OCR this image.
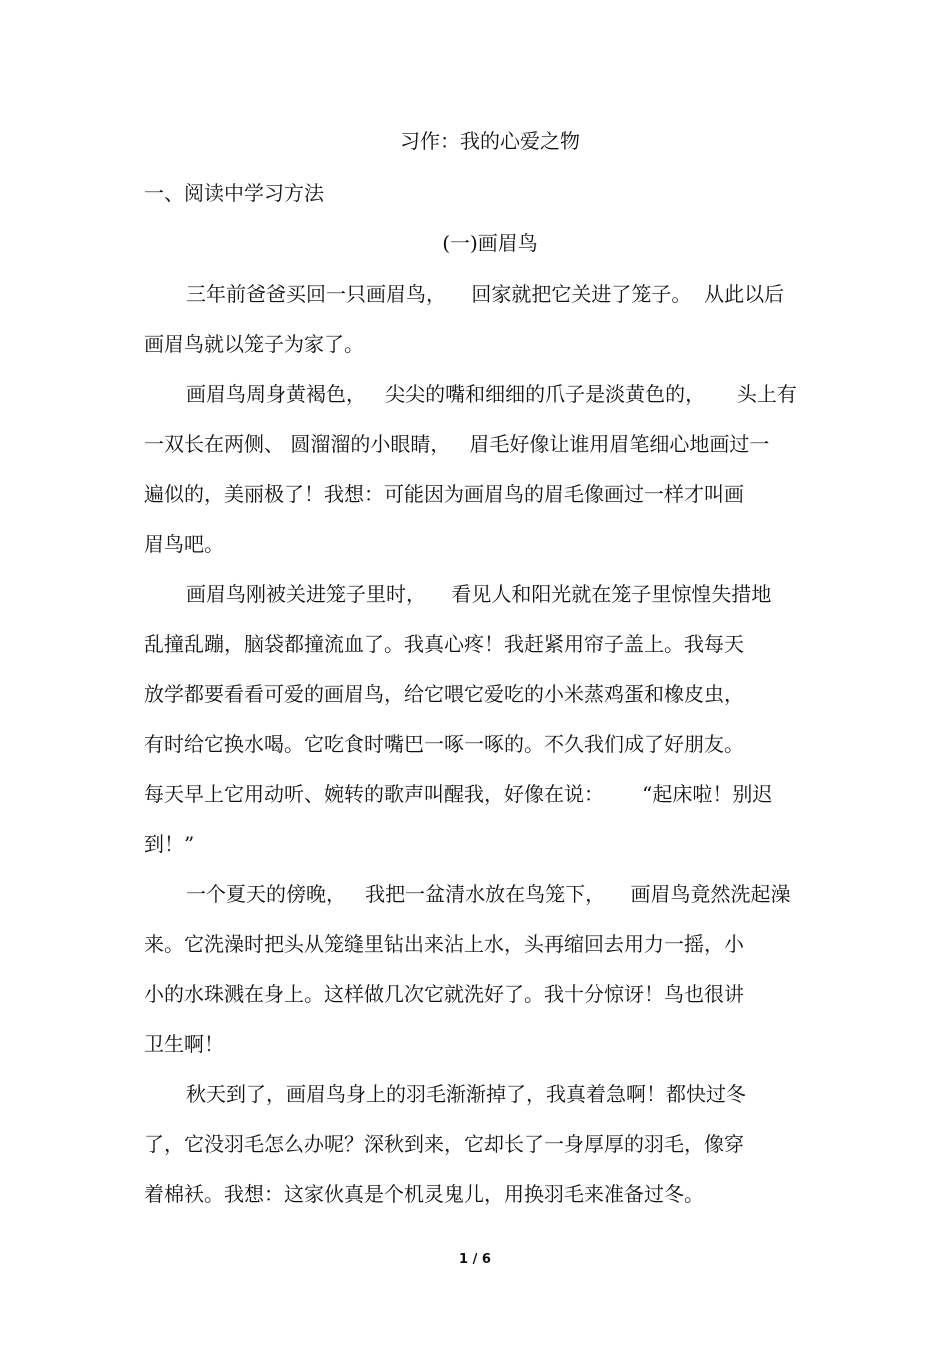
习作：我的心爱之物
一、阅读中学习方法
(一)画眉鸟
三年前爸爸买回一只画眉鸟，    回家就把它关进了笼子。  从此以后
画眉鸟就以笼子为家了。
画眉鸟周身黄褐色，   尖尖的嘴和细细的爪子是淡黄色的，     头上有
一双长在两侧、 圆溜溜的小眼睛，   眉毛好像让谁用眉笔细心地画过一
遍似的，美丽极了！我想：可能因为画眉鸟的眉毛像画过一样才叫画
眉鸟吧。
画眉鸟刚被关进笼子里时，    看见人和阳光就在笼子里惊惶失措地
乱撞乱蹦，脑袋都撞流血了。我真心疼！我赶紧用帘子盖上。我每天
放学都要看看可爱的画眉鸟，给它喂它爱吃的小米蒸鸡蛋和橡皮虫，
有时给它换水喝。它吃食时嘴巴一啄一啄的。不久我们成了好朋友。
每天早上它用动听、婉转的歌声叫醒我，好像在说：      “起床啦！别迟
到！”
一个夏天的傍晚，   我把一盆清水放在鸟笼下，    画眉鸟竟然洗起澡
来。它洗澡时把头从笼缝里钻出来沾上水，头再缩回去用力一摇，小
小的水珠溅在身上。这样做几次它就洗好了。我十分惊讶！鸟也很讲
卫生啊！
秋天到了，画眉鸟身上的羽毛渐渐掉了，我真着急啊！都快过冬
了，它没羽毛怎么办呢？深秋到来，它却长了一身厚厚的羽毛，像穿
着棉袄。我想：这家伙真是个机灵鬼儿，用换羽毛来准备过冬。
1 / 6
